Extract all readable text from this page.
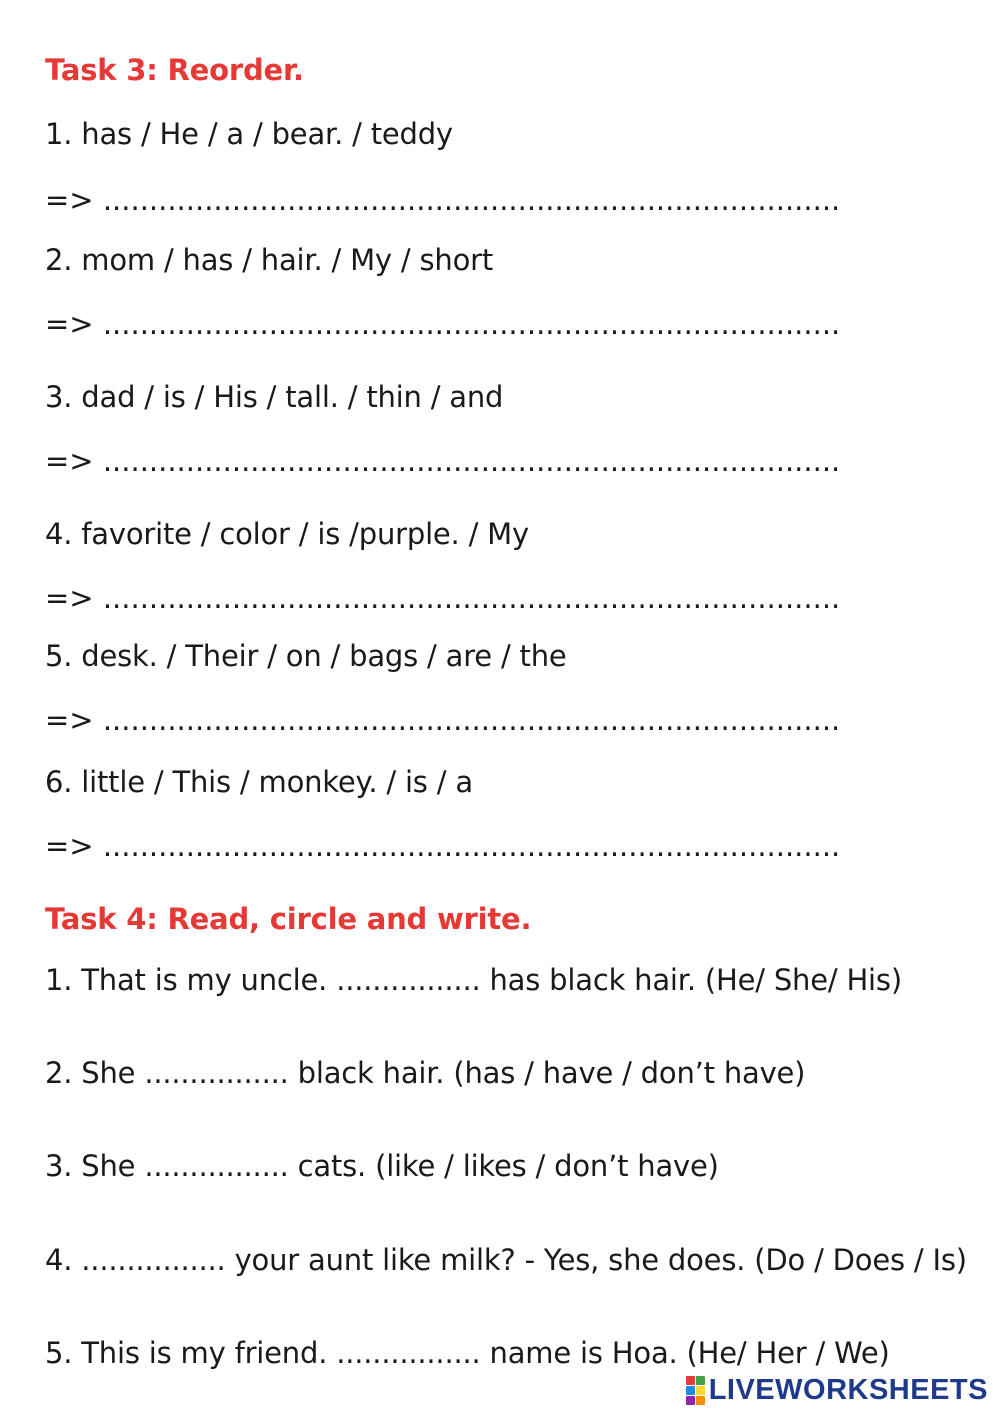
Task 3: Reorder.
1. has / He / a / bear. / teddy
=> ................................................................................
2. mom / has / hair. / My / short
=> ................................................................................
3. dad / is / His / tall. / thin / and
=> ................................................................................
4. favorite / color / is /purple. / My
=> ................................................................................
5. desk. / Their / on / bags / are / the
=> ................................................................................
6. little / This / monkey. / is / a
=> ................................................................................
Task 4: Read, circle and write.
1. That is my uncle. ................ has black hair. (He/ She/ His)
2. She ................ black hair. (has / have / don’t have)
3. She ................ cats. (like / likes / don’t have)
4. ................ your aunt like milk? - Yes, she does. (Do / Does / Is)
5. This is my friend. ................ name is Hoa. (He/ Her / We)
LIVEWORKSHEETS
